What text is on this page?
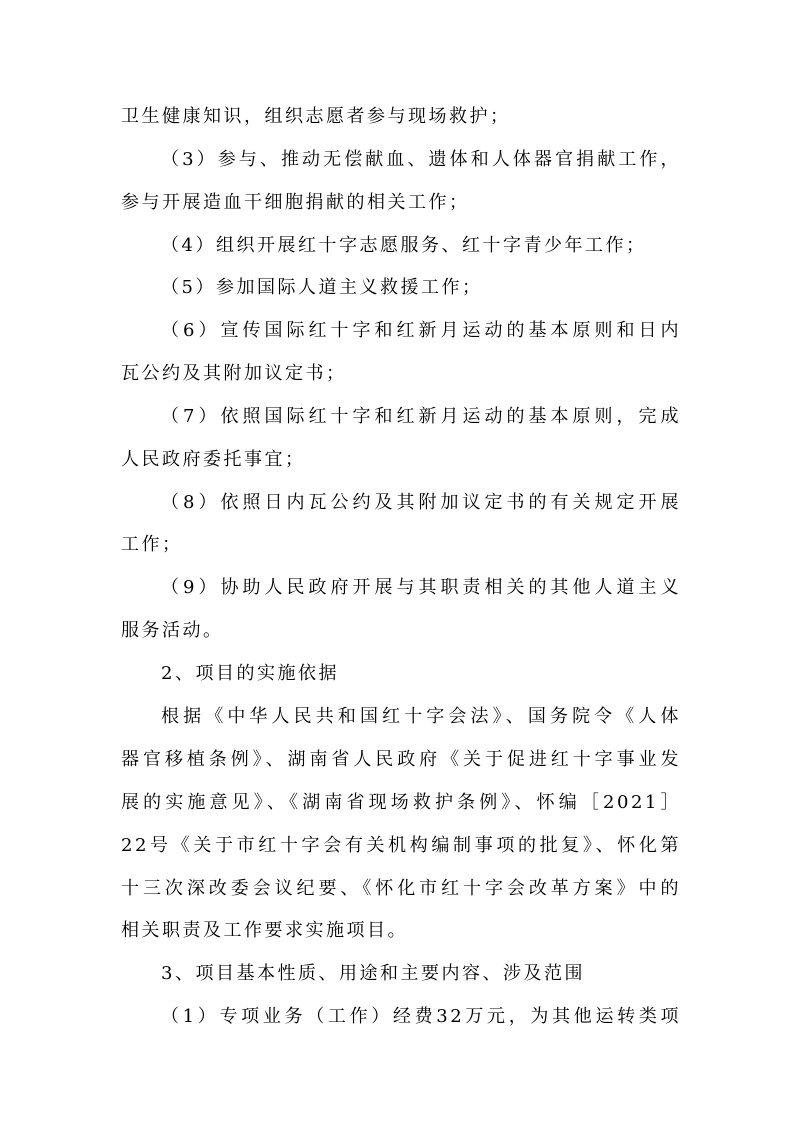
卫生健康知识，组织志愿者参与现场救护；
（3）参与、推动无偿献血、遗体和人体器官捐献工作，
参与开展造血干细胞捐献的相关工作；
（4）组织开展红十字志愿服务、红十字青少年工作；
（5）参加国际人道主义救援工作；
（6）宣传国际红十字和红新月运动的基本原则和日内
瓦公约及其附加议定书；
（7）依照国际红十字和红新月运动的基本原则，完成
人民政府委托事宜；
（8）依照日内瓦公约及其附加议定书的有关规定开展
工作；
（9）协助人民政府开展与其职责相关的其他人道主义
服务活动。
2、项目的实施依据
根据《中华人民共和国红十字会法》、国务院令《人体
器官移植条例》、湖南省人民政府《关于促进红十字事业发
展的实施意见》、《湖南省现场救护条例》、怀编［2021］
22号《关于市红十字会有关机构编制事项的批复》、怀化第
十三次深改委会议纪要、《怀化市红十字会改革方案》中的
相关职责及工作要求实施项目。
3、项目基本性质、用途和主要内容、涉及范围
（1）专项业务（工作）经费32万元，为其他运转类项
